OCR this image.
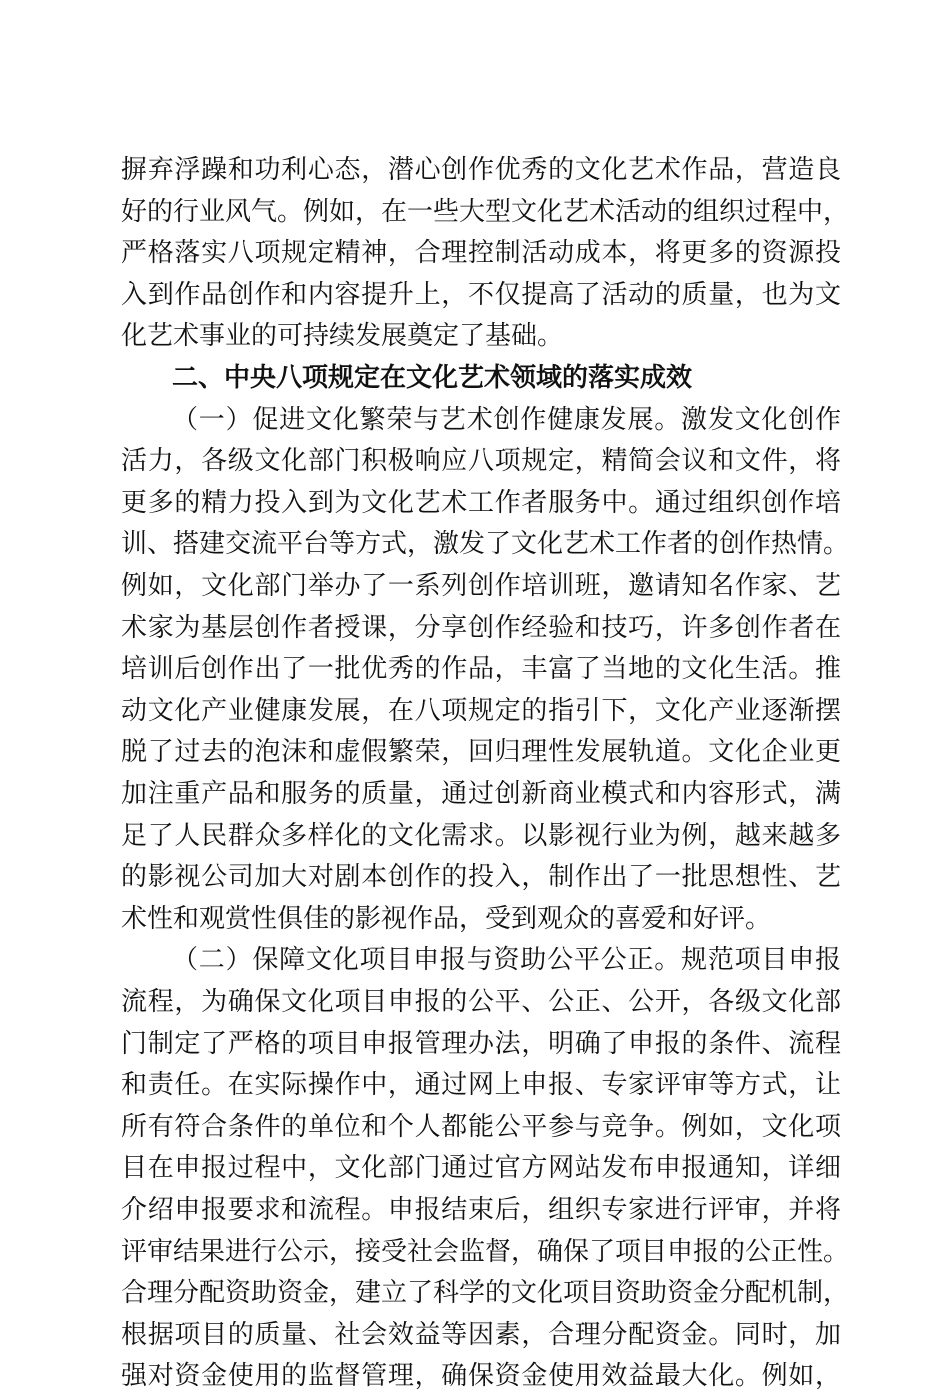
摒弃浮躁和功利心态，潜心创作优秀的文化艺术作品，营造良
好的行业风气。例如，在一些大型文化艺术活动的组织过程中，
严格落实八项规定精神，合理控制活动成本，将更多的资源投
入到作品创作和内容提升上，不仅提高了活动的质量，也为文
化艺术事业的可持续发展奠定了基础。
二、中央八项规定在文化艺术领域的落实成效
（一）促进文化繁荣与艺术创作健康发展。激发文化创作
活力，各级文化部门积极响应八项规定，精简会议和文件，将
更多的精力投入到为文化艺术工作者服务中。通过组织创作培
训、搭建交流平台等方式，激发了文化艺术工作者的创作热情。
例如，文化部门举办了一系列创作培训班，邀请知名作家、艺
术家为基层创作者授课，分享创作经验和技巧，许多创作者在
培训后创作出了一批优秀的作品，丰富了当地的文化生活。推
动文化产业健康发展，在八项规定的指引下，文化产业逐渐摆
脱了过去的泡沫和虚假繁荣，回归理性发展轨道。文化企业更
加注重产品和服务的质量，通过创新商业模式和内容形式，满
足了人民群众多样化的文化需求。以影视行业为例，越来越多
的影视公司加大对剧本创作的投入，制作出了一批思想性、艺
术性和观赏性俱佳的影视作品，受到观众的喜爱和好评。
（二）保障文化项目申报与资助公平公正。规范项目申报
流程，为确保文化项目申报的公平、公正、公开，各级文化部
门制定了严格的项目申报管理办法，明确了申报的条件、流程
和责任。在实际操作中，通过网上申报、专家评审等方式，让
所有符合条件的单位和个人都能公平参与竞争。例如，文化项
目在申报过程中，文化部门通过官方网站发布申报通知，详细
介绍申报要求和流程。申报结束后，组织专家进行评审，并将
评审结果进行公示，接受社会监督，确保了项目申报的公正性。
合理分配资助资金，建立了科学的文化项目资助资金分配机制，
根据项目的质量、社会效益等因素，合理分配资金。同时，加
强对资金使用的监督管理，确保资金使用效益最大化。例如，
